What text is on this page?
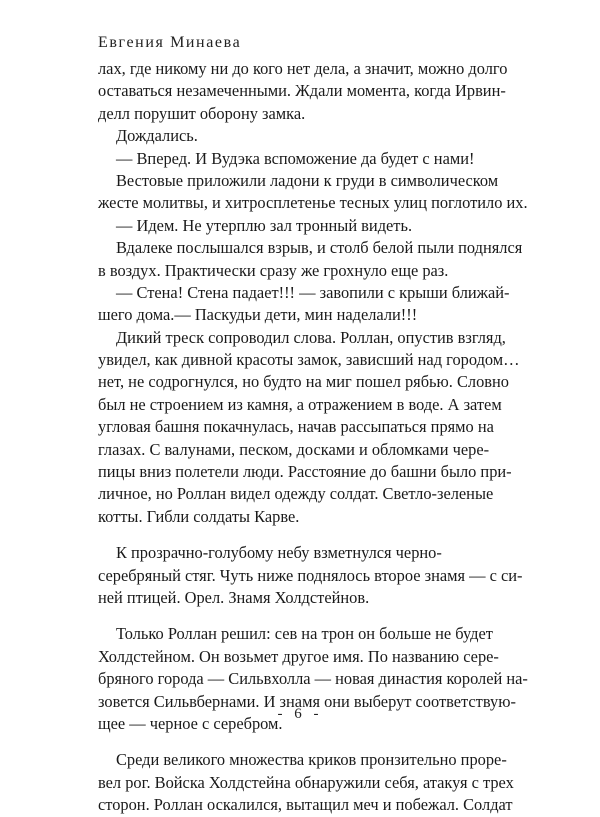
Евгения Минаева
лах, где никому ни до кого нет дела, а значит, можно долго
оставаться незамеченными. Ждали момента, когда Ирвин-
делл порушит оборону замка.
Дождались.
— Вперед. И Вудэка вспоможение да будет с нами!
Вестовые приложили ладони к груди в символическом
жесте молитвы, и хитросплетенье тесных улиц поглотило их.
— Идем. Не утерплю зал тронный видеть.
Вдалеке послышался взрыв, и столб белой пыли поднялся
в воздух. Практически сразу же грохнуло еще раз.
— Стена! Стена падает!!! — завопили с крыши ближай-
шего дома.— Паскудьи дети, мин наделали!!!
Дикий треск сопроводил слова. Роллан, опустив взгляд,
увидел, как дивной красоты замок, зависший над городом…
нет, не содрогнулся, но будто на миг пошел рябью. Словно
был не строением из камня, а отражением в воде. А затем
угловая башня покачнулась, начав рассыпаться прямо на
глазах. С валунами, песком, досками и обломками чере-
пицы вниз полетели люди. Расстояние до башни было при-
личное, но Роллан видел одежду солдат. Светло-зеленые
котты. Гибли солдаты Карве.
К прозрачно-голубому небу взметнулся черно-
серебряный стяг. Чуть ниже поднялось второе знамя — с си-
ней птицей. Орел. Знамя Холдстейнов.
Только Роллан решил: сев на трон он больше не будет
Холдстейном. Он возьмет другое имя. По названию сере-
бряного города — Сильвхолла — новая династия королей на-
зовется Сильвбернами. И знамя они выберут соответствую-
щее — черное с серебром.
Среди великого множества криков пронзительно проре-
вел рог. Войска Холдстейна обнаружили себя, атакуя с трех
сторон. Роллан оскалился, вытащил меч и побежал. Солдат
- 6 -
